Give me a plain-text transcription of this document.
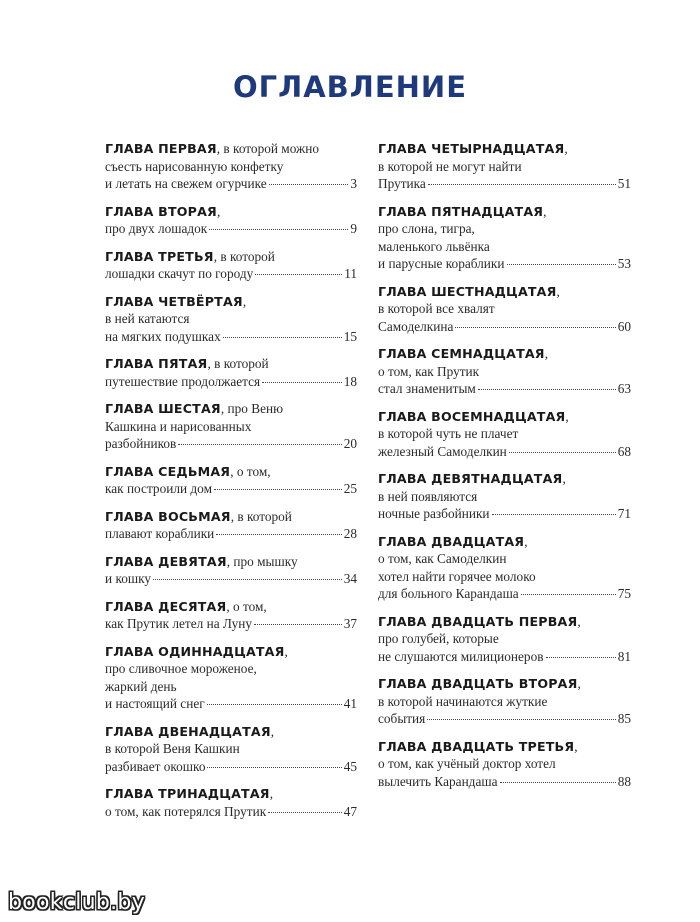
ОГЛАВЛЕНИЕ
ГЛАВА ПЕРВАЯ, в которой можно
съесть нарисованную конфетку
и летать на свежем огурчике	3
ГЛАВА ВТОРАЯ,
про двух лошадок	9
ГЛАВА ТРЕТЬЯ, в которой
лошадки скачут по городу	11
ГЛАВА ЧЕТВЁРТАЯ,
в ней катаются
на мягких подушках	15
ГЛАВА ПЯТАЯ, в которой
путешествие продолжается	18
ГЛАВА ШЕСТАЯ, про Веню
Кашкина и нарисованных
разбойников	20
ГЛАВА СЕДЬМАЯ, о том,
как построили дом	25
ГЛАВА ВОСЬМАЯ, в которой
плавают кораблики	28
ГЛАВА ДЕВЯТАЯ, про мышку
и кошку	34
ГЛАВА ДЕСЯТАЯ, о том,
как Прутик летел на Луну	37
ГЛАВА ОДИННАДЦАТАЯ,
про сливочное мороженое,
жаркий день
и настоящий снег	41
ГЛАВА ДВЕНАДЦАТАЯ,
в которой Веня Кашкин
разбивает окошко	45
ГЛАВА ТРИНАДЦАТАЯ,
о том, как потерялся Прутик	47
ГЛАВА ЧЕТЫРНАДЦАТАЯ,
в которой не могут найти
Прутика	51
ГЛАВА ПЯТНАДЦАТАЯ,
про слона, тигра,
маленького львёнка
и парусные кораблики	53
ГЛАВА ШЕСТНАДЦАТАЯ,
в которой все хвалят
Самоделкина	60
ГЛАВА СЕМНАДЦАТАЯ,
о том, как Прутик
стал знаменитым	63
ГЛАВА ВОСЕМНАДЦАТАЯ,
в которой чуть не плачет
железный Самоделкин	68
ГЛАВА ДЕВЯТНАДЦАТАЯ,
в ней появляются
ночные разбойники	71
ГЛАВА ДВАДЦАТАЯ,
о том, как Самоделкин
хотел найти горячее молоко
для больного Карандаша	75
ГЛАВА ДВАДЦАТЬ ПЕРВАЯ,
про голубей, которые
не слушаются милиционеров	81
ГЛАВА ДВАДЦАТЬ ВТОРАЯ,
в которой начинаются жуткие
события	85
ГЛАВА ДВАДЦАТЬ ТРЕТЬЯ,
о том, как учёный доктор хотел
вылечить Карандаша	88
bookclub.by
